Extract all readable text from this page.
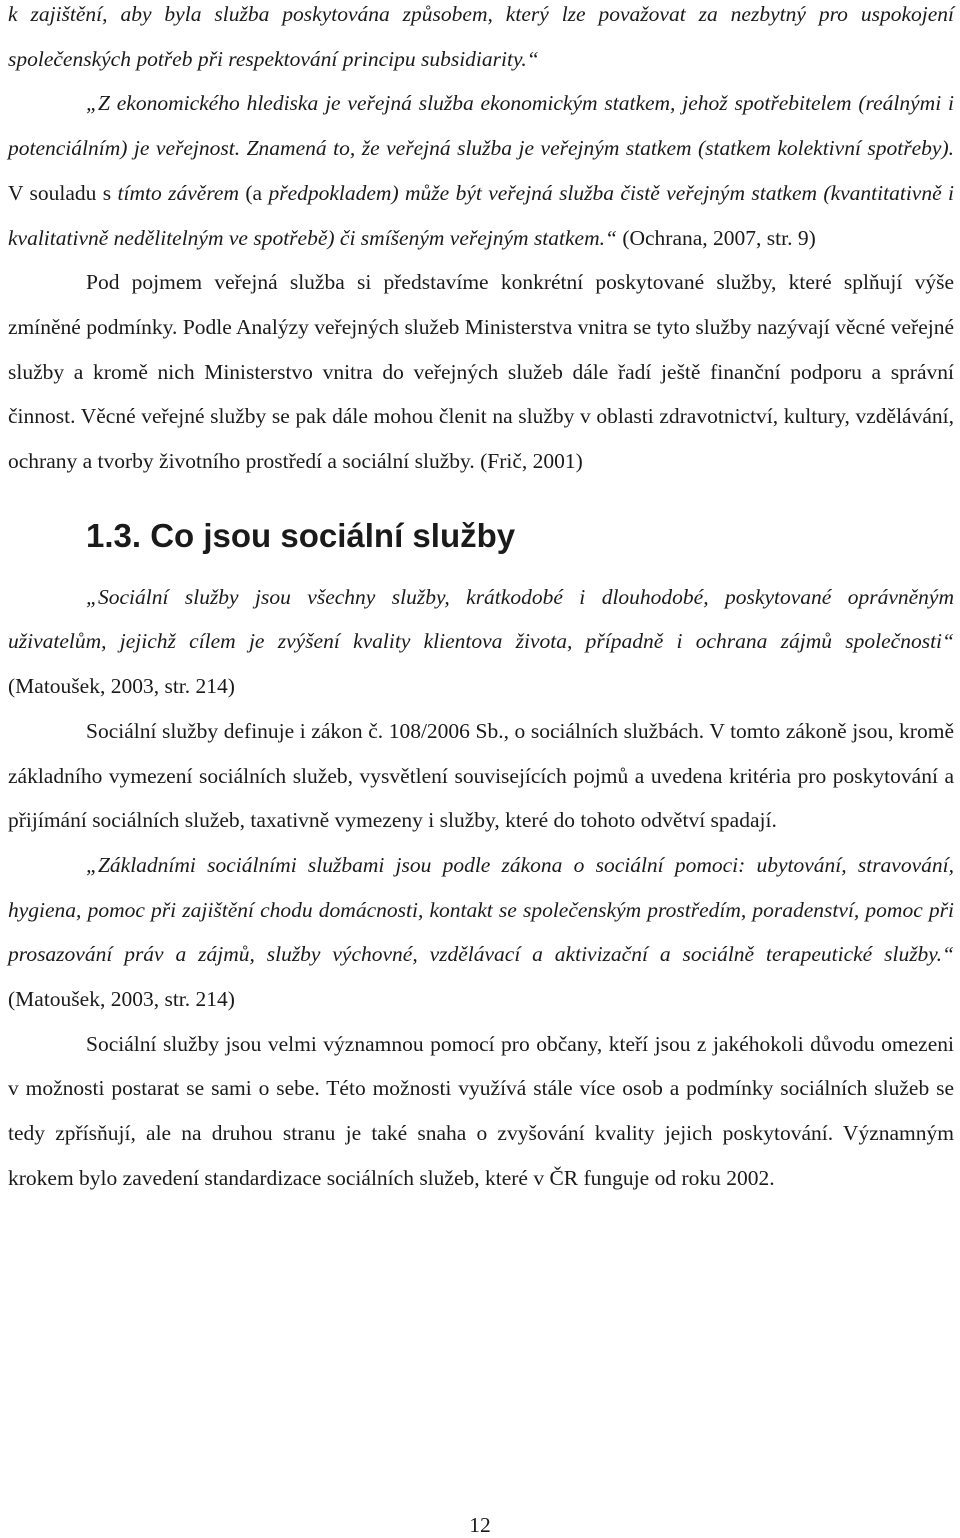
k zajištění, aby byla služba poskytována způsobem, který lze považovat za nezbytný pro uspokojení společenských potřeb při respektování principu subsidiarity.“

„Z ekonomického hlediska je veřejná služba ekonomickým statkem, jehož spotřebitelem (reálnými i potenciálním) je veřejnost. Znamená to, že veřejná služba je veřejným statkem (statkem kolektivní spotřeby). V souladu s tímto závěrem (a předpokladem) může být veřejná služba čistě veřejným statkem (kvantitativně i kvalitativně nedělitelným ve spotřebě) či smíšeným veřejným statkem.“ (Ochrana, 2007, str. 9)

Pod pojmem veřejná služba si představíme konkrétní poskytované služby, které splňují výše zmíněné podmínky. Podle Analýzy veřejných služeb Ministerstva vnitra se tyto služby nazývají věcné veřejné služby a kromě nich Ministerstvo vnitra do veřejných služeb dále řadí ještě finanční podporu a správní činnost. Věcné veřejné služby se pak dále mohou členit na služby v oblasti zdravotnictví, kultury, vzdělávání, ochrany a tvorby životního prostředí a sociální služby. (Frič, 2001)

1.3. Co jsou sociální služby

„Sociální služby jsou všechny služby, krátkodobé i dlouhodobé, poskytované oprávněným uživatelům, jejichž cílem je zvýšení kvality klientova života, případně i ochrana zájmů společnosti“ (Matoušek, 2003, str. 214)

Sociální služby definuje i zákon č. 108/2006 Sb., o sociálních službách. V tomto zákoně jsou, kromě základního vymezení sociálních služeb, vysvětlení souvisejících pojmů a uvedena kritéria pro poskytování a přijímání sociálních služeb, taxativně vymezeny i služby, které do tohoto odvětví spadají.

„Základními sociálními službami jsou podle zákona o sociální pomoci: ubytování, stravování, hygiena, pomoc při zajištění chodu domácnosti, kontakt se společenským prostředím, poradenství, pomoc při prosazování práv a zájmů, služby výchovné, vzdělávací a aktivizační a sociálně terapeutické služby.“ (Matoušek, 2003, str. 214)

Sociální služby jsou velmi významnou pomocí pro občany, kteří jsou z jakéhokoli důvodu omezeni v možnosti postarat se sami o sebe. Této možnosti využívá stále více osob a podmínky sociálních služeb se tedy zpřísňují, ale na druhou stranu je také snaha o zvyšování kvality jejich poskytování. Významným krokem bylo zavedení standardizace sociálních služeb, které v ČR funguje od roku 2002.

12
